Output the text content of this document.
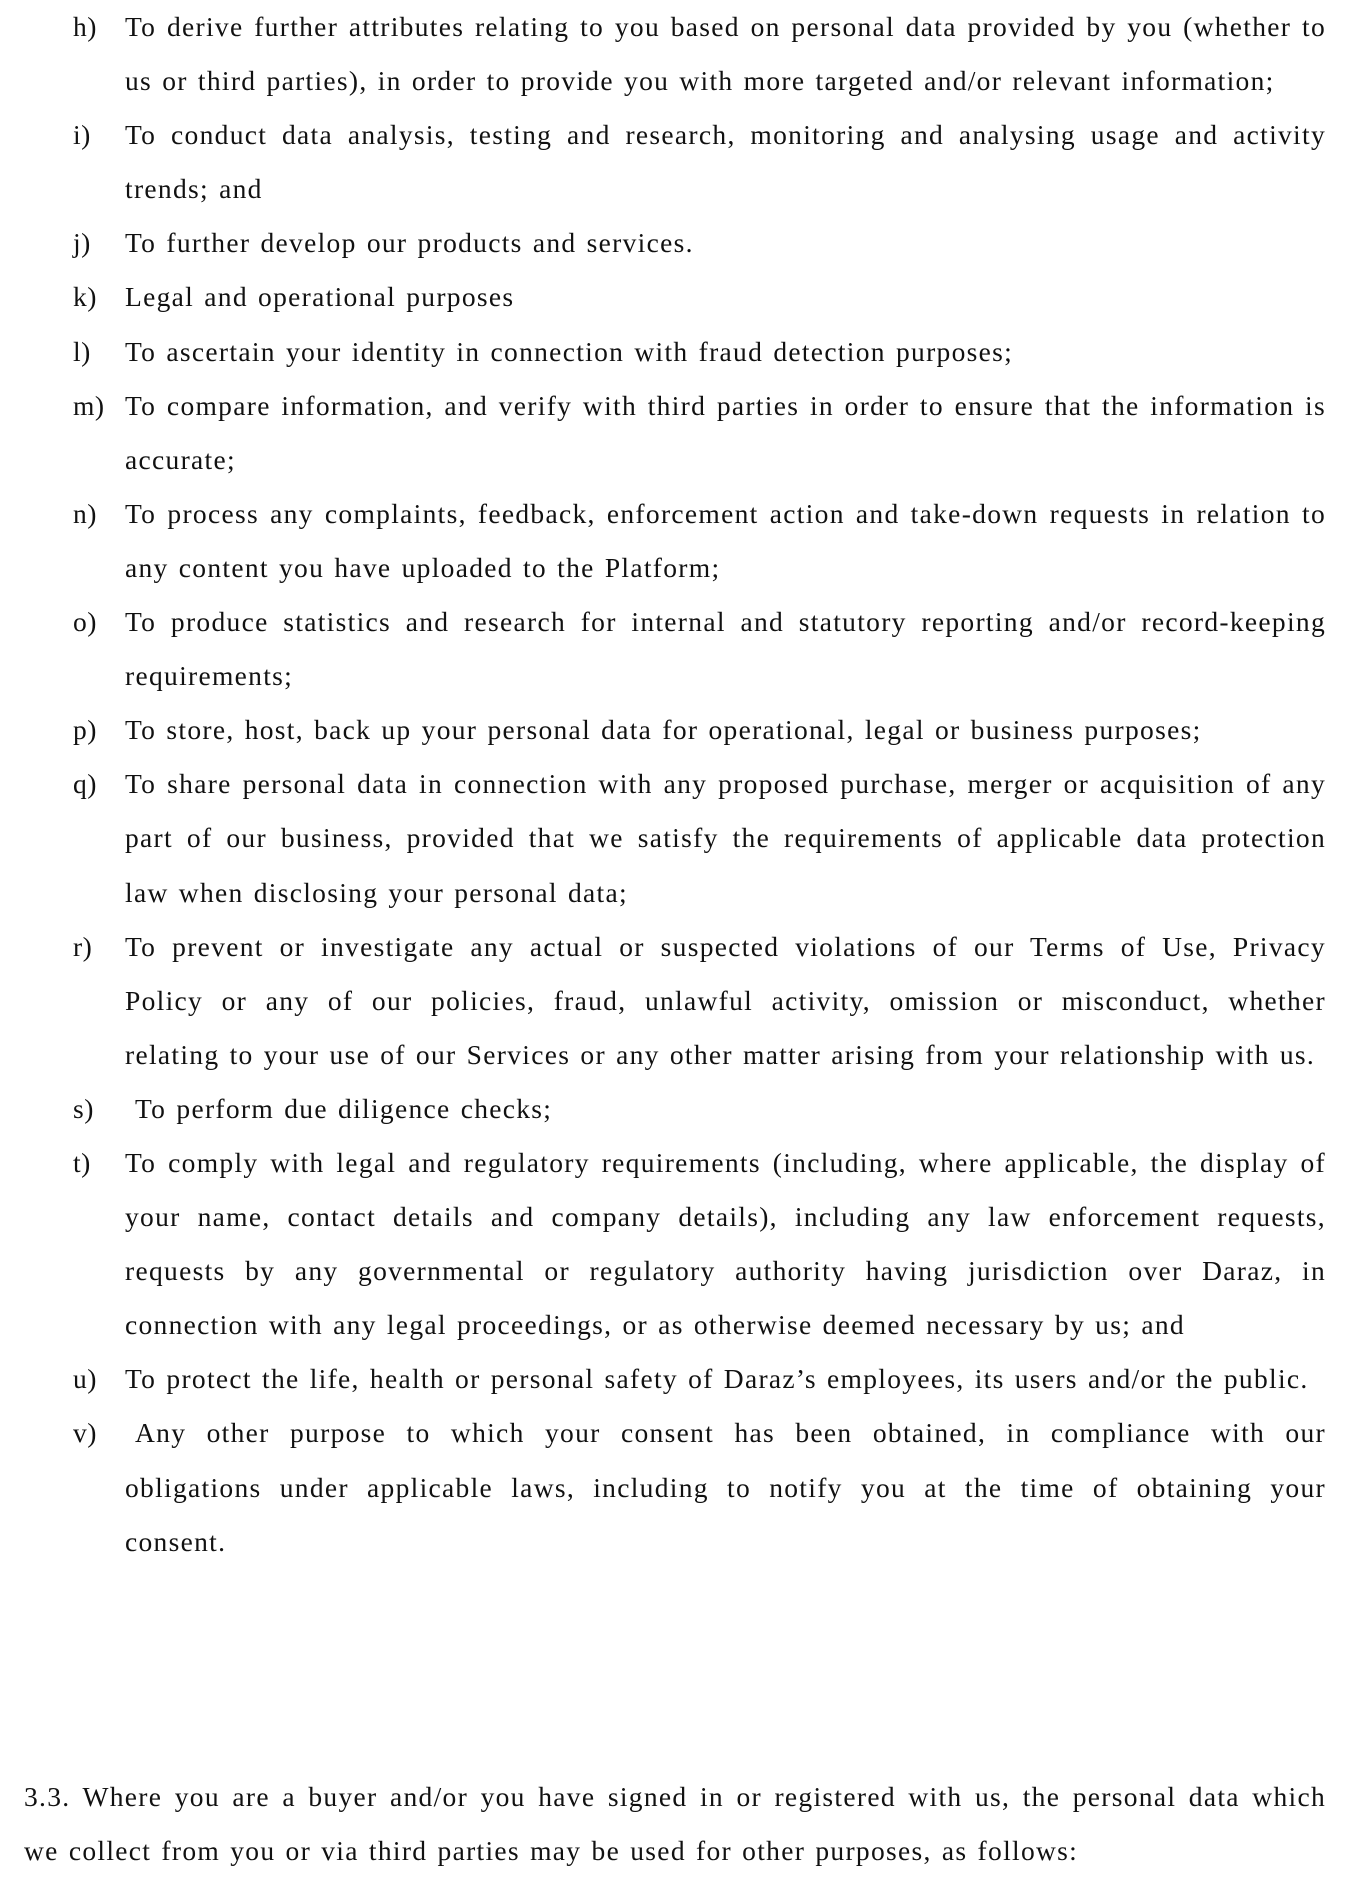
h)	To derive further attributes relating to you based on personal data provided by you (whether to us or third parties), in order to provide you with more targeted and/or relevant information;
i)	To conduct data analysis, testing and research, monitoring and analysing usage and activity trends; and
j)	To further develop our products and services.
k)	Legal and operational purposes
l)	To ascertain your identity in connection with fraud detection purposes;
m) To compare information, and verify with third parties in order to ensure that the information is accurate;
n)	To process any complaints, feedback, enforcement action and take-down requests in relation to any content you have uploaded to the Platform;
o)	To produce statistics and research for internal and statutory reporting and/or record-keeping requirements;
p)	To store, host, back up your personal data for operational, legal or business purposes;
q)	To share personal data in connection with any proposed purchase, merger or acquisition of any part of our business, provided that we satisfy the requirements of applicable data protection law when disclosing your personal data;
r)	To prevent or investigate any actual or suspected violations of our Terms of Use, Privacy Policy or any of our policies, fraud, unlawful activity, omission or misconduct, whether relating to your use of our Services or any other matter arising from your relationship with us.
s)	To perform due diligence checks;
t)	To comply with legal and regulatory requirements (including, where applicable, the display of your name, contact details and company details), including any law enforcement requests, requests by any governmental or regulatory authority having jurisdiction over Daraz, in connection with any legal proceedings, or as otherwise deemed necessary by us; and
u)	To protect the life, health or personal safety of Daraz’s employees, its users and/or the public.
v)	Any other purpose to which your consent has been obtained, in compliance with our obligations under applicable laws, including to notify you at the time of obtaining your consent.

3.3. Where you are a buyer and/or you have signed in or registered with us, the personal data which we collect from you or via third parties may be used for other purposes, as follows:
